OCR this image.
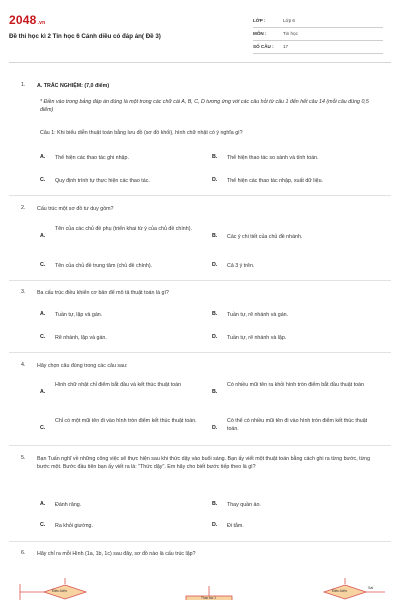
2048.vn
Đề thi học kì 2 Tin học 6 Cánh diều có đáp án( Đề 3)
LỚP :	Lớp 6
MÔN :	Tin học
SỐ CÂU : 17
1. A. TRẮC NGHIỆM: (7,0 điểm)
* Điền vào trong bảng đáp án đúng là một trong các chữ cái A, B, C, D tương ứng với các câu hỏi từ câu 1 đến hết câu 14 (mỗi câu đúng 0,5 điểm)
Câu 1: Khi biểu diễn thuật toán bằng lưu đồ (sơ đồ khối), hình chữ nhật có ý nghĩa gì?
A. Thể hiện các thao tác ghi nhập.	B. Thể hiện thao tác so sánh và tính toán.
C. Quy định trình tự thực hiện các thao tác.	D. Thể hiện các thao tác nhập, xuất dữ liệu.
2. Cấu trúc một sơ đồ tư duy gồm?
A.
Tên của các chủ đề phụ (triển khai từ ý của chủ đề chính).
B. Các ý chi tiết của chủ đề nhánh.
C. Tên của chủ đề trung tâm (chủ đề chính).	D. Cả 3 ý trên.
3. Ba cấu trúc điều khiển cơ bản để mô tả thuật toán là gì?
A. Tuần tự, lặp và gán.	B. Tuần tự, rẽ nhánh và gán.
C. Rẽ nhánh, lặp và gán.	D. Tuần tự, rẽ nhánh và lặp.
4. Hãy chọn câu đúng trong các câu sau:
A.
Hình chữ nhật chỉ điểm bắt đầu và kết thúc thuật toán
B.
Có nhiều mũi tên ra khỏi hình tròn điểm bắt đầu thuật toán
C.
Chỉ có một mũi tên đi vào hình tròn điểm kết thúc thuật toán.
D.
Có thể có nhiều mũi tên đi vào hình tròn điểm kết thúc thuật toán.
5. Bạn Tuấn nghĩ về những công việc sẽ thực hiện sau khi thức dậy vào buổi sáng. Bạn ấy viết một thuật toán bằng cách ghi ra từng bước, từng bước một. Bước đầu tiên bạn ấy viết ra là: "Thức dậy". Em hãy cho biết bước tiếp theo là gì?
A. Đánh răng.	B. Thay quần áo.
C. Ra khỏi giường.	D. Đi tắm.
6. Hãy chỉ ra mỗi Hình (1a, 1b, 1c) sau đây, sơ đồ nào là cấu trúc lặp?
Điều kiện
Thao tác 1
Điều kiện
Sai
